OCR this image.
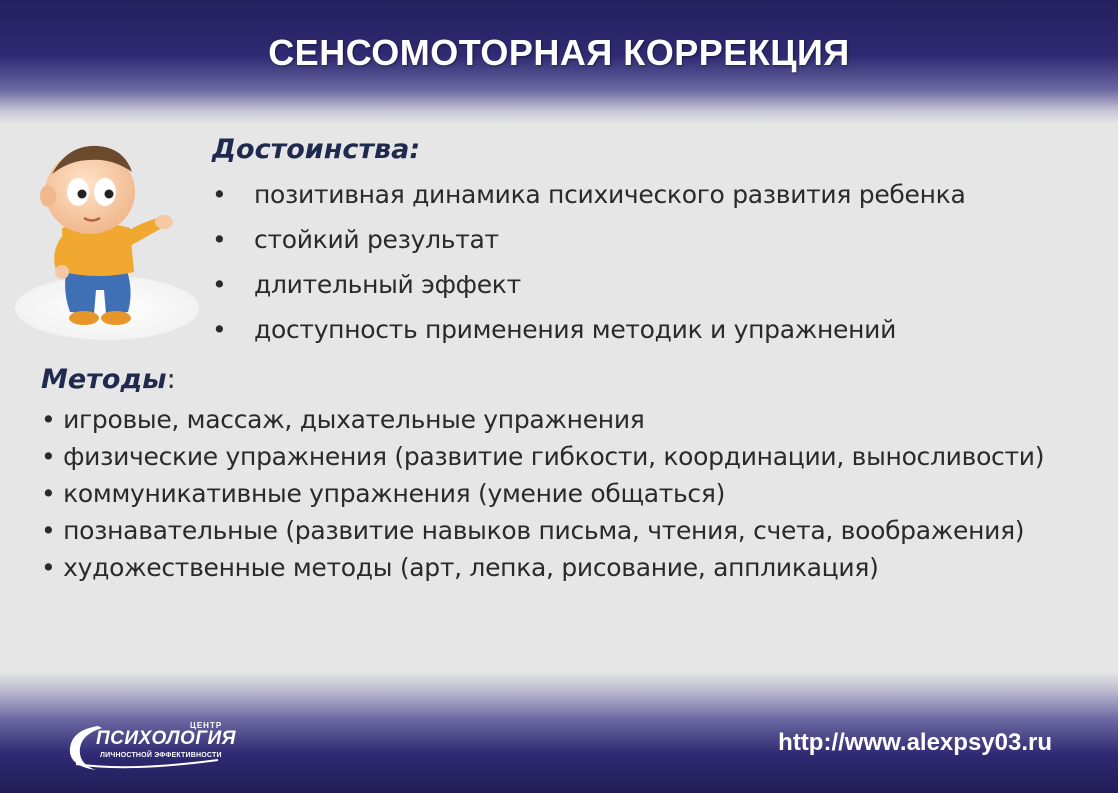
СЕНСОМОТОРНАЯ КОРРЕКЦИЯ
Достоинства:
• позитивная динамика психического развития ребенка
• стойкий результат
• длительный эффект
• доступность применения методик и упражнений
Методы:

• игровые, массаж, дыхательные упражнения

• физические упражнения (развитие гибкости, координации, выносливости)

• коммуникативные упражнения (умение общаться)

• познавательные (развитие навыков письма, чтения, счета, воображения)

• художественные методы (арт, лепка, рисование, аппликация)

ЦЕНТР
ПСИХОЛОГИЯ
ЛИЧНОСТНОЙ ЭФФЕКТИВНОСТИ	http://www.alexpsy03.ru
